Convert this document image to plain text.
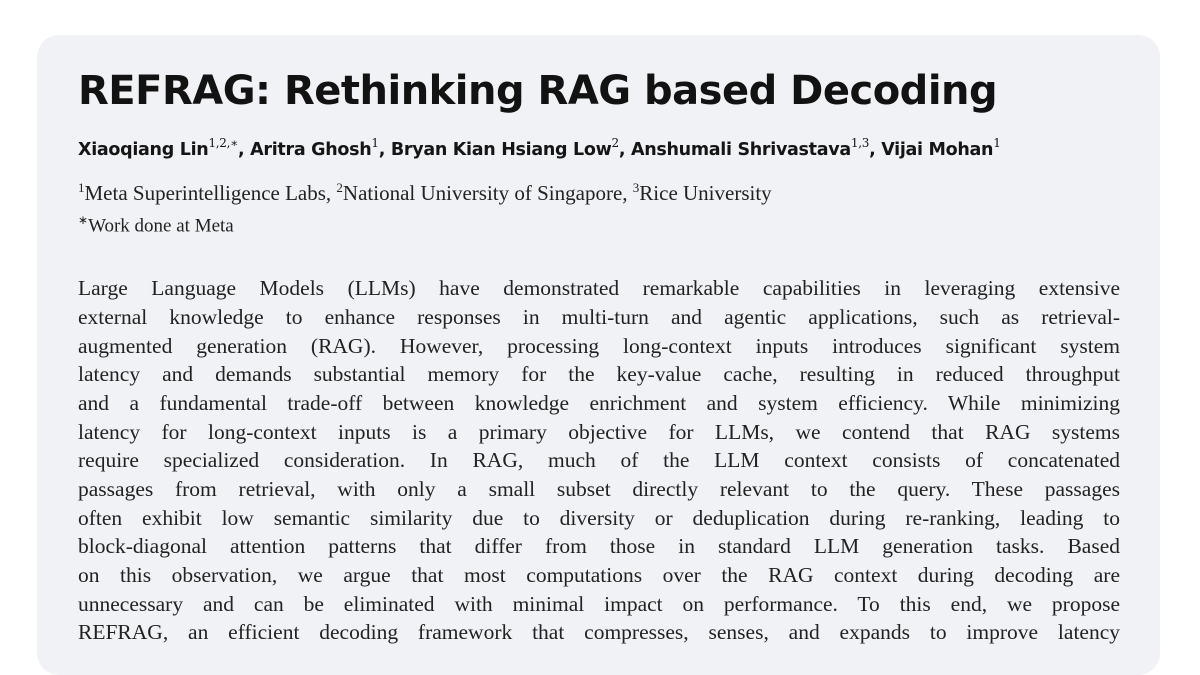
REFRAG: Rethinking RAG based Decoding
Xiaoqiang Lin$^{1,2,∗}$, Aritra Ghosh$^1$, Bryan Kian Hsiang Low$^2$, Anshumali Shrivastava$^{1,3}$, Vijai Mohan$^1$
$^1$Meta Superintelligence Labs, $^2$National University of Singapore, $^3$Rice University
∗Work done at Meta
Large Language Models (LLMs) have demonstrated remarkable capabilities in leveraging extensive
external knowledge to enhance responses in multi-turn and agentic applications, such as retrieval-
augmented generation (RAG). However, processing long-context inputs introduces significant system
latency and demands substantial memory for the key-value cache, resulting in reduced throughput
and a fundamental trade-off between knowledge enrichment and system efficiency. While minimizing
latency for long-context inputs is a primary objective for LLMs, we contend that RAG systems
require specialized consideration. In RAG, much of the LLM context consists of concatenated
passages from retrieval, with only a small subset directly relevant to the query. These passages
often exhibit low semantic similarity due to diversity or deduplication during re-ranking, leading to
block-diagonal attention patterns that differ from those in standard LLM generation tasks. Based
on this observation, we argue that most computations over the RAG context during decoding are
unnecessary and can be eliminated with minimal impact on performance. To this end, we propose
REFRAG, an efficient decoding framework that compresses, senses, and expands to improve latency
